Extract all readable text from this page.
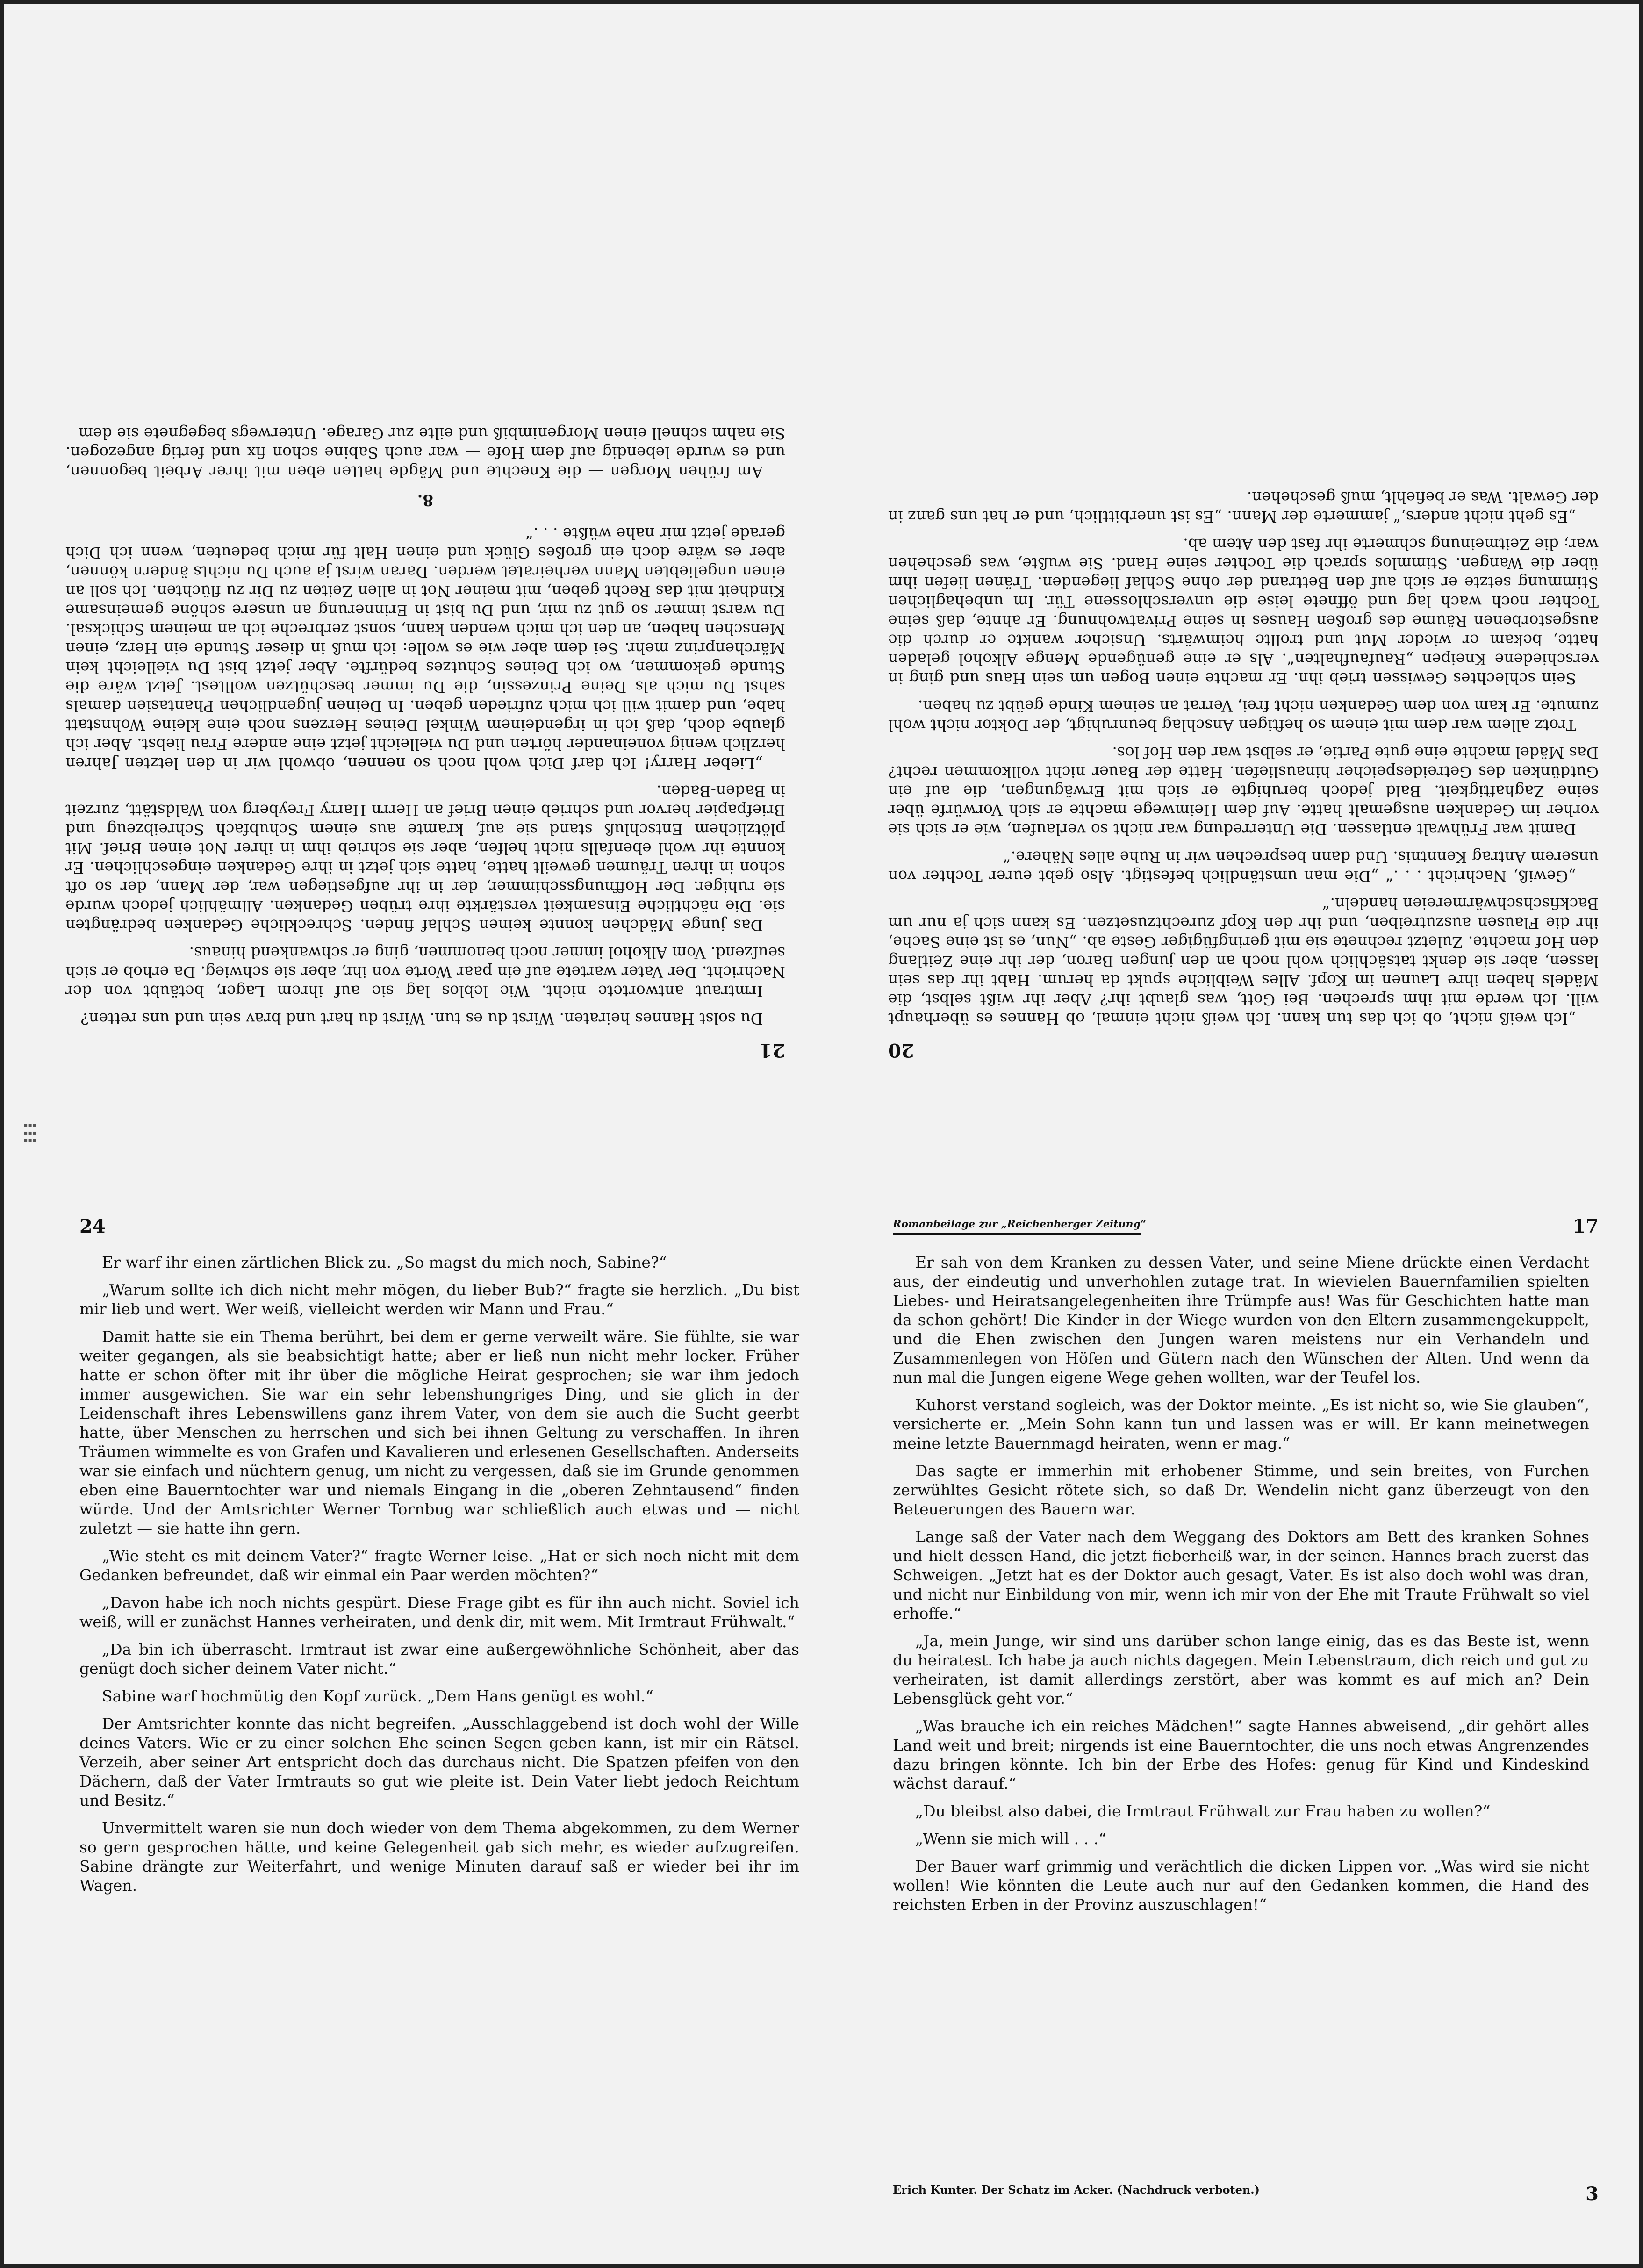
21

Du solst Hannes heiraten. Wirst du es tun. Wirst du hart und brav sein und uns retten?

Irmtraut antwortete nicht. Wie leblos lag sie auf ihrem Lager, betäubt von der Nachricht. Der Vater wartete auf ein paar Worte von ihr, aber sie schwieg. Da erhob er sich seufzend. Vom Alkohol immer noch benommen, ging er schwankend hinaus.

Das junge Mädchen konnte keinen Schlaf finden. Schreckliche Gedanken bedrängten sie. Die nächtliche Einsamkeit verstärkte ihre trüben Gedanken. Allmählich jedoch wurde sie ruhiger. Der Hoffnungsschimmer, der in ihr aufgestiegen war, der Mann, der so oft schon in ihren Träumen geweilt hatte, hatte sich jetzt in ihre Gedanken eingeschlichen. Er konnte ihr wohl ebenfalls nicht helfen, aber sie schrieb ihm in ihrer Not einen Brief. Mit plötzlichem Entschluß stand sie auf, kramte aus einem Schubfach Schreibzeug und Briefpapier hervor und schrieb einen Brief an Herrn Harry Freyberg von Waldstätt, zurzeit in Baden-Baden.

„Lieber Harry! Ich darf Dich wohl noch so nennen, obwohl wir in den letzten Jahren herzlich wenig voneinander hörten und Du vielleicht jetzt eine andere Frau liebst. Aber ich glaube doch, daß ich in irgendeinem Winkel Deines Herzens noch eine kleine Wohnstatt habe, und damit will ich mich zufrieden geben. In Deinen jugendlichen Phantasien damals sahst Du mich als Deine Prinzessin, die Du immer beschützen wolltest. Jetzt wäre die Stunde gekommen, wo ich Deines Schutzes bedürfte. Aber jetzt bist Du vielleicht kein Märchenprinz mehr. Sei dem aber wie es wolle: ich muß in dieser Stunde ein Herz, einen Menschen haben, an den ich mich wenden kann, sonst zerbreche ich an meinem Schicksal. Du warst immer so gut zu mir, und Du bist in Erinnerung an unsere schöne gemeinsame Kindheit mit das Recht geben, mit meiner Not in allen Zeiten zu Dir zu flüchten. Ich soll an einen ungeliebten Mann verheiratet werden. Daran wirst ja auch Du nichts ändern können, aber es wäre doch ein großes Glück und einen Halt für mich bedeuten, wenn ich Dich gerade jetzt mir nahe wüßte . . .“

8.

Am frühen Morgen — die Knechte und Mägde hatten eben mit ihrer Arbeit begonnen, und es wurde lebendig auf dem Hofe — war auch Sabine schon fix und fertig angezogen. Sie nahm schnell einen Morgenimbiß und eilte zur Garage. Unterwegs begegnete sie dem

20

„Ich weiß nicht, ob ich das tun kann. Ich weiß nicht einmal, ob Hannes es überhaupt will. Ich werde mit ihm sprechen. Bei Gott, was glaubt ihr? Aber ihr wißt selbst, die Mädels haben ihre Launen im Kopf. Alles Weibliche spukt da herum. Habt ihr das sein lassen, aber sie denkt tatsächlich wohl noch an den jungen Baron, der ihr eine Zeitlang den Hof machte. Zuletzt rechnete sie mit geringfügiger Geste ab. „Nun, es ist eine Sache, ihr die Flausen auszutreiben, und ihr den Kopf zurechtzusetzen. Es kann sich ja nur um Backfischschwärmereien handeln.“

„Gewiß, Nachricht . . .“ „Die man umständlich befestigt. Also gebt eurer Tochter von unserem Antrag Kenntnis. Und dann besprechen wir in Ruhe alles Nähere.“

Damit war Frühwalt entlassen. Die Unterredung war nicht so verlaufen, wie er sich sie vorher im Gedanken ausgemalt hatte. Auf dem Heimwege machte er sich Vorwürfe über seine Zaghaftigkeit. Bald jedoch beruhigte er sich mit Erwägungen, die auf ein Gutdünken des Getreidespeicher hinausliefen. Hatte der Bauer nicht vollkommen recht? Das Mädel machte eine gute Partie, er selbst war den Hof los.

Trotz allem war dem mit einem so heftigen Anschlag beunruhigt, der Doktor nicht wohl zumute. Er kam von dem Gedanken nicht frei, Verrat an seinem Kinde geübt zu haben.

Sein schlechtes Gewissen trieb ihn. Er machte einen Bogen um sein Haus und ging in verschiedene Kneipen „Raufaufhalten“. Als er eine genügende Menge Alkohol geladen hatte, bekam er wieder Mut und trollte heimwärts. Unsicher wankte er durch die ausgestorbenen Räume des großen Hauses in seine Privatwohnung. Er ahnte, daß seine Tochter noch wach lag und öffnete leise die unverschlossene Tür. Im unbehaglichen Stimmung setzte er sich auf den Bettrand der ohne Schlaf liegenden. Tränen liefen ihm über die Wangen. Stimmlos sprach die Tochter seine Hand. Sie wußte, was geschehen war; die Zeitmeinung schmerte ihr fast den Atem ab.

„Es geht nicht anders,“ jammerte der Mann. „Es ist unerbittlich, und er hat uns ganz in der Gewalt. Was er befiehlt, muß geschehen.

▪▪▪
▪▪▪
▪▪▪
24

Er warf ihr einen zärtlichen Blick zu. „So magst du mich noch, Sabine?“

„Warum sollte ich dich nicht mehr mögen, du lieber Bub?“ fragte sie herzlich. „Du bist mir lieb und wert. Wer weiß, vielleicht werden wir Mann und Frau.“

Damit hatte sie ein Thema berührt, bei dem er gerne verweilt wäre. Sie fühlte, sie war weiter gegangen, als sie beabsichtigt hatte; aber er ließ nun nicht mehr locker. Früher hatte er schon öfter mit ihr über die mögliche Heirat gesprochen; sie war ihm jedoch immer ausgewichen. Sie war ein sehr lebenshungriges Ding, und sie glich in der Leidenschaft ihres Lebenswillens ganz ihrem Vater, von dem sie auch die Sucht geerbt hatte, über Menschen zu herrschen und sich bei ihnen Geltung zu verschaffen. In ihren Träumen wimmelte es von Grafen und Kavalieren und erlesenen Gesellschaften. Anderseits war sie einfach und nüchtern genug, um nicht zu vergessen, daß sie im Grunde genommen eben eine Bauerntochter war und niemals Eingang in die „oberen Zehntausend“ finden würde. Und der Amtsrichter Werner Tornbug war schließlich auch etwas und — nicht zuletzt — sie hatte ihn gern.

„Wie steht es mit deinem Vater?“ fragte Werner leise. „Hat er sich noch nicht mit dem Gedanken befreundet, daß wir einmal ein Paar werden möchten?“

„Davon habe ich noch nichts gespürt. Diese Frage gibt es für ihn auch nicht. Soviel ich weiß, will er zunächst Hannes verheiraten, und denk dir, mit wem. Mit Irmtraut Frühwalt.“

„Da bin ich überrascht. Irmtraut ist zwar eine außergewöhnliche Schönheit, aber das genügt doch sicher deinem Vater nicht.“

Sabine warf hochmütig den Kopf zurück. „Dem Hans genügt es wohl.“

Der Amtsrichter konnte das nicht begreifen. „Ausschlaggebend ist doch wohl der Wille deines Vaters. Wie er zu einer solchen Ehe seinen Segen geben kann, ist mir ein Rätsel. Verzeih, aber seiner Art entspricht doch das durchaus nicht. Die Spatzen pfeifen von den Dächern, daß der Vater Irmtrauts so gut wie pleite ist. Dein Vater liebt jedoch Reichtum und Besitz.“

Unvermittelt waren sie nun doch wieder von dem Thema abgekommen, zu dem Werner so gern gesprochen hätte, und keine Gelegenheit gab sich mehr, es wieder aufzugreifen. Sabine drängte zur Weiterfahrt, und wenige Minuten darauf saß er wieder bei ihr im Wagen.

Romanbeilage zur „Reichenberger Zeitung“	17

Er sah von dem Kranken zu dessen Vater, und seine Miene drückte einen Verdacht aus, der eindeutig und unverhohlen zutage trat. In wievielen Bauernfamilien spielten Liebes- und Heiratsangelegenheiten ihre Trümpfe aus! Was für Geschichten hatte man da schon gehört! Die Kinder in der Wiege wurden von den Eltern zusammengekuppelt, und die Ehen zwischen den Jungen waren meistens nur ein Verhandeln und Zusammenlegen von Höfen und Gütern nach den Wünschen der Alten. Und wenn da nun mal die Jungen eigene Wege gehen wollten, war der Teufel los.

Kuhorst verstand sogleich, was der Doktor meinte. „Es ist nicht so, wie Sie glauben“, versicherte er. „Mein Sohn kann tun und lassen was er will. Er kann meinetwegen meine letzte Bauernmagd heiraten, wenn er mag.“

Das sagte er immerhin mit erhobener Stimme, und sein breites, von Furchen zerwühltes Gesicht rötete sich, so daß Dr. Wendelin nicht ganz überzeugt von den Beteuerungen des Bauern war.

Lange saß der Vater nach dem Weggang des Doktors am Bett des kranken Sohnes und hielt dessen Hand, die jetzt fieberheiß war, in der seinen. Hannes brach zuerst das Schweigen. „Jetzt hat es der Doktor auch gesagt, Vater. Es ist also doch wohl was dran, und nicht nur Einbildung von mir, wenn ich mir von der Ehe mit Traute Frühwalt so viel erhoffe.“

„Ja, mein Junge, wir sind uns darüber schon lange einig, das es das Beste ist, wenn du heiratest. Ich habe ja auch nichts dagegen. Mein Lebenstraum, dich reich und gut zu verheiraten, ist damit allerdings zerstört, aber was kommt es auf mich an? Dein Lebensglück geht vor.“

„Was brauche ich ein reiches Mädchen!“ sagte Hannes abweisend, „dir gehört alles Land weit und breit; nirgends ist eine Bauerntochter, die uns noch etwas Angrenzendes dazu bringen könnte. Ich bin der Erbe des Hofes: genug für Kind und Kindeskind wächst darauf.“

„Du bleibst also dabei, die Irmtraut Frühwalt zur Frau haben zu wollen?“

„Wenn sie mich will . . .“

Der Bauer warf grimmig und verächtlich die dicken Lippen vor. „Was wird sie nicht wollen! Wie könnten die Leute auch nur auf den Gedanken kommen, die Hand des reichsten Erben in der Provinz auszuschlagen!“

Erich Kunter. Der Schatz im Acker. (Nachdruck verboten.)	3
